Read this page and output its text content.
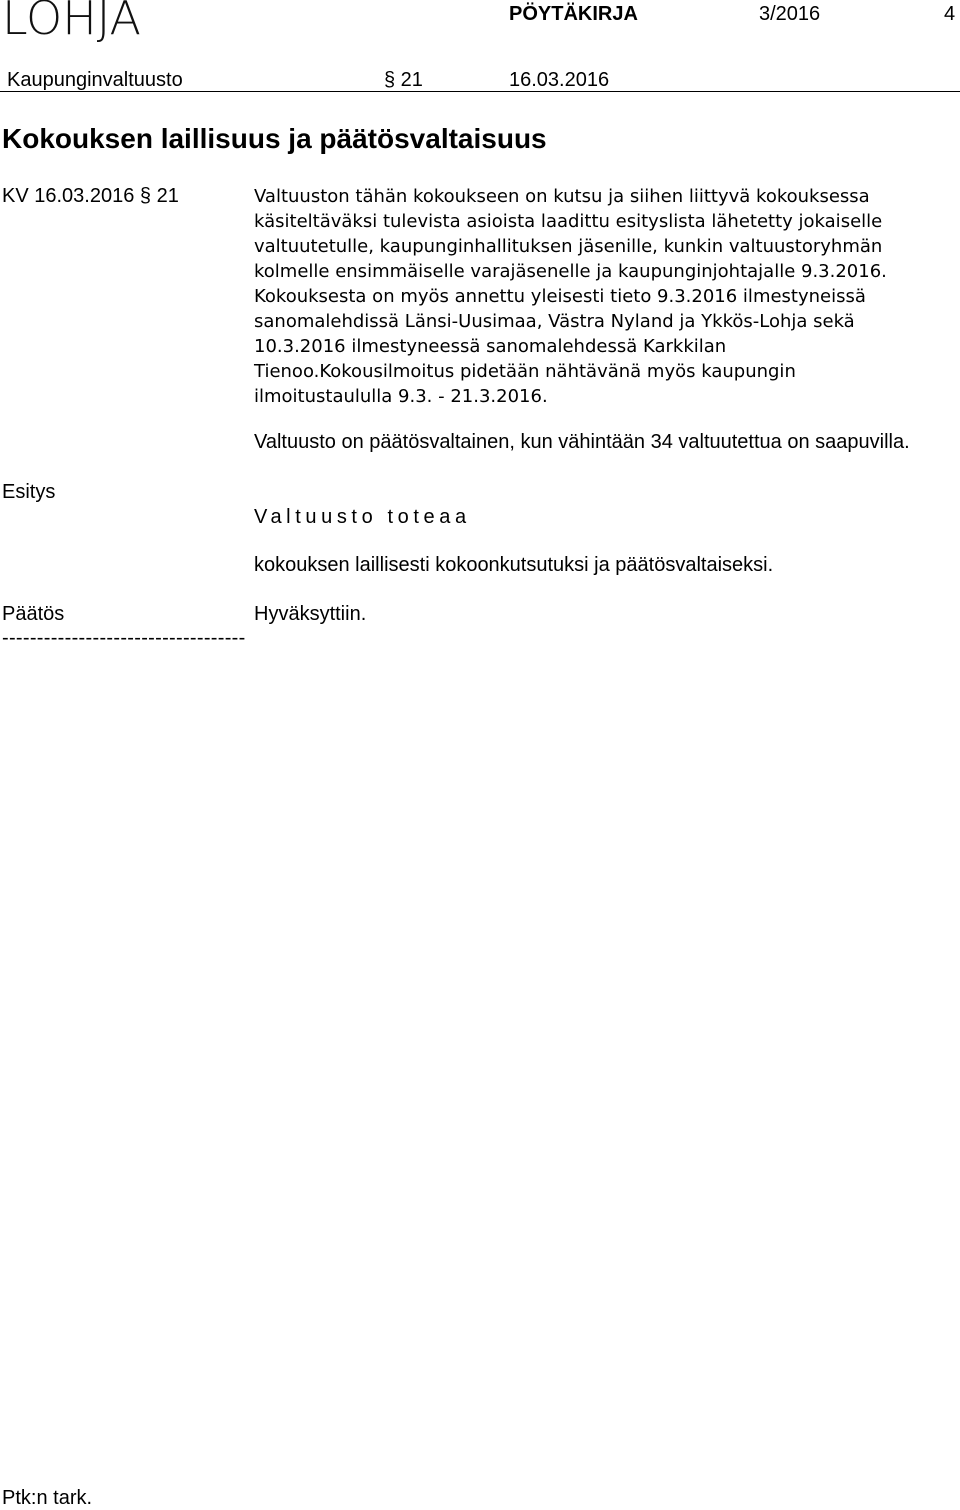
LOHJA	PÖYTÄKIRJA	3/2016	4
Kaupunginvaltuusto	§ 21	16.03.2016
Kokouksen laillisuus ja päätösvaltaisuus
KV 16.03.2016 § 21	Valtuuston tähän kokoukseen on kutsu ja siihen liittyvä kokouksessa
käsiteltäväksi tulevista asioista laadittu esityslista lähetetty jokaiselle
valtuutetulle, kaupunginhallituksen jäsenille, kunkin valtuustoryhmän
kolmelle ensimmäiselle varajäsenelle ja kaupunginjohtajalle 9.3.2016.
Kokouksesta on myös annettu yleisesti tieto 9.3.2016 ilmestyneissä
sanomalehdissä Länsi-Uusimaa, Västra Nyland ja Ykkös-Lohja sekä
10.3.2016 ilmestyneessä sanomalehdessä Karkkilan
Tienoo.Kokousilmoitus pidetään nähtävänä myös kaupungin
ilmoitustaululla 9.3. - 21.3.2016.
Valtuusto on päätösvaltainen, kun vähintään 34 valtuutettua on saapuvilla.
Esitys
Valtuusto toteaa
kokouksen laillisesti kokoonkutsutuksi ja päätösvaltaiseksi.
Päätös	Hyväksyttiin.
-----------------------------------
Ptk:n tark.
